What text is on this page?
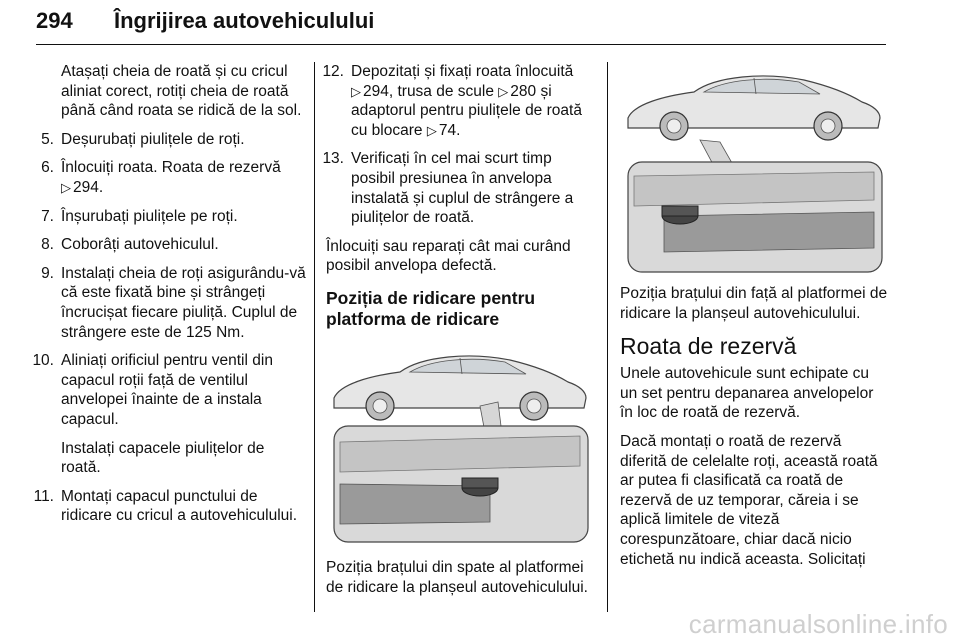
294 Îngrijirea autovehiculului

Atașați cheia de roată și cu cricul aliniat corect, rotiți cheia de roată până când roata se ridică de la sol.

5. Deșurubați piulițele de roți.
6. Înlocuiți roata. Roata de rezervă
▷ 294.
7. Înșurubați piulițele pe roți.
8. Coborâți autovehiculul.
9. Instalați cheia de roți asigurându-vă că este fixată bine și strângeți încrucișat fiecare piuliță. Cuplul de strângere este de 125 Nm.
10. Aliniați orificiul pentru ventil din capacul roții față de ventilul anvelopei înainte de a instala capacul.
Instalați capacele piulițelor de roată.
11. Montați capacul punctului de ridicare cu cricul a autovehiculului.
12. Depozitați și fixați roata înlocuită ▷ 294, trusa de scule ▷ 280 și adaptorul pentru piulițele de roată cu blocare ▷ 74.
13. Verificați în cel mai scurt timp posibil presiunea în anvelopa instalată și cuplul de strângere a piulițelor de roată.

Înlocuiți sau reparați cât mai curând posibil anvelopa defectă.

Poziția de ridicare pentru platforma de ridicare

Poziția brațului din spate al platformei de ridicare la planșeul autovehiculului.

Poziția brațului din față al platformei de ridicare la planșeul autovehiculului.

Roata de rezervă

Unele autovehicule sunt echipate cu un set pentru depanarea anvelopelor în loc de roată de rezervă.

Dacă montați o roată de rezervă diferită de celelalte roți, această roată ar putea fi clasificată ca roată de rezervă de uz temporar, căreia i se aplică limitele de viteză corespunzătoare, chiar dacă nicio etichetă nu indică aceasta. Solicitați

carmanualsonline.info
